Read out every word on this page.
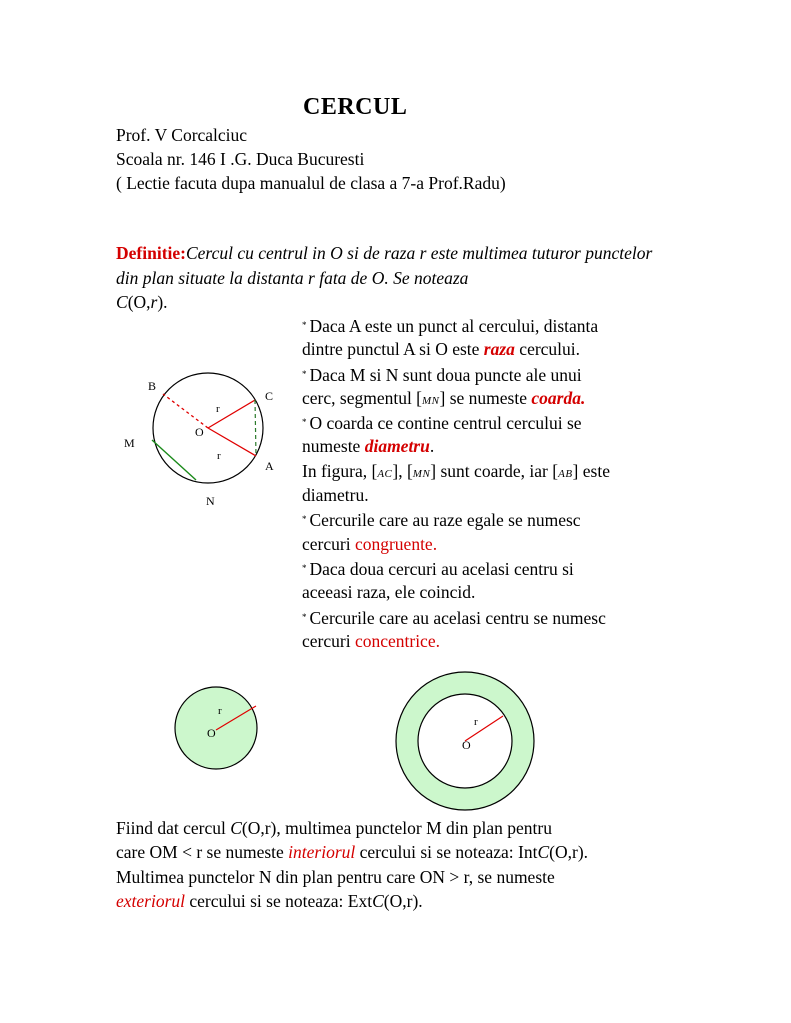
CERCUL
Prof. V Corcalciuc
Scoala nr. 146 I .G. Duca Bucuresti
( Lectie facuta dupa manualul de clasa a 7-a Prof.Radu)
Definitie:Cercul cu centrul in O si de raza r este multimea tuturor punctelor din plan situate la distanta r fata de O. Se noteaza
C(O,r).
* Daca A este un punct al cercului, distanta
dintre punctul A si O este raza cercului.
* Daca M si N sunt doua puncte ale unui
cerc, segmentul [MN] se numeste coarda.
* O coarda ce contine centrul cercului se
numeste diametru.
In figura, [AC], [MN] sunt coarde, iar [AB] este
diametru.
* Cercurile care au raze egale se numesc
cercuri congruente.
* Daca doua cercuri au acelasi centru si
aceeasi raza, ele coincid.
* Cercurile care au acelasi centru se numesc
cercuri concentrice.
B
C
r
O
M
r
A
N
r
O
r
O
Fiind dat cercul C(O,r), multimea punctelor M din plan pentru
care OM < r se numeste interiorul cercului si se noteaza: IntC(O,r).
Multimea punctelor N din plan pentru care ON > r, se numeste
exteriorul cercului si se noteaza: ExtC(O,r).
